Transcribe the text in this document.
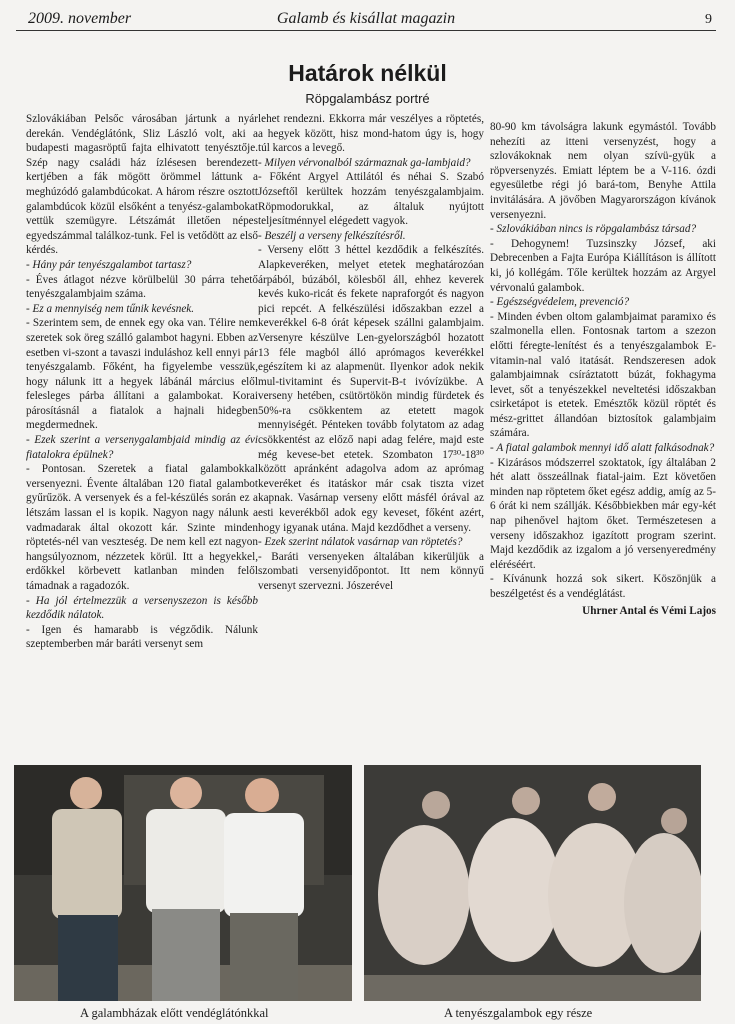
2009. november	Galamb és kisállat magazin	9
Határok nélkül
Röpgalambász portré

Szlovákiában Pelsőc városában jártunk a nyár derekán. Vendéglátónk, Sliz László volt, aki a budapesti magasröptű fajta elhivatott tenyésztője. Szép nagy családi ház ízlésesen berendezett kertjében a fák mögött örömmel láttunk a meghúzódó galambdúcokat. A három részre osztott galambdúcok közül elsőként a tenyész-galambokat vettük szemügyre. Létszámát illetően népes egyedszámmal találkoz-tunk. Fel is vetődött az első kérdés.

- Hány pár tenyészgalambot tartasz?

- Éves átlagot nézve körülbelül 30 párra tehető tenyészgalambjaim száma.

- Ez a mennyiség nem tűnik kevésnek.

- Szerintem sem, de ennek egy oka van. Télire nem szeretek sok öreg szálló galambot hagyni. Ebben az esetben vi-szont a tavaszi induláshoz kell ennyi pár tenyészgalamb. Főként, ha figyelembe vesszük, hogy nálunk itt a hegyek lábánál március elől felesleges párba állítani a galambokat. Korai párosításnál a fiatalok a hajnali hidegben megdermednek.

- Ezek szerint a versenygalambjaid mindig az évi fiatalokra épülnek?

- Pontosan. Szeretek a fiatal galambokkal versenyezni. Évente általában 120 fiatal galambot gyűrűzök. A versenyek és a fel-készülés során ez a létszám lassan el is kopik. Nagyon nagy nálunk a vadmadarak által okozott kár. Szinte minden röptetés-nél van veszteség. De nem kell ezt nagyon hangsúlyoznom, nézzetek körül. Itt a hegyekkel, erdőkkel körbevett katlanban minden felől támadnak a ragadozók.

- Ha jól értelmezzük a versenyszezon is később kezdődik nálatok.

- Igen és hamarabb is végződik. Nálunk szeptemberben már baráti versenyt sem

lehet rendezni. Ekkorra már veszélyes a röptetés, a hegyek között, hisz mond-hatom úgy is, hogy túl karcos a levegő.

- Milyen vérvonalból származnak ga-lambjaid?

- Főként Argyel Attilától és néhai S. Szabó Józseftől kerültek hozzám tenyészgalambjaim. Röpmodorukkal, az általuk nyújtott teljesítménnyel elégedett vagyok.

- Beszélj a verseny felkészítésről.

- Verseny előtt 3 héttel kezdődik a felkészítés. Alapkeveréken, melyet etetek meghatározóan árpából, búzából, kölesből áll, ehhez keverek kevés kuko-ricát és fekete napraforgót és nagyon pici repcét. A felkészülési időszakban ezzel a keverékkel 6-8 órát képesek szállni galambjaim. Versenyre készülve Len-gyelországból hozatott 13 féle magból álló aprómagos keverékkel egészítem ki az alapmenüt. Ilyenkor adok nekik mul-tivitamint és Supervit-B-t ivóvízükbe. A verseny hetében, csütörtökön mindig fürdetek és 50%-ra csökkentem az etetett magok mennyiségét. Pénteken tovább folytatom az adag csökkentést az előző napi adag felére, majd este még kevese-bet etetek. Szombaton 17³⁰-18³⁰ között apránként adagolva adom az aprómag keveréket és itatáskor már csak tiszta vizet kapnak. Vasárnap verseny előtt másfél órával az esti keverékből adok egy keveset, főként azért, hogy igyanak utána. Majd kezdődhet a verseny.

- Ezek szerint nálatok vasárnap van röptetés?

- Baráti versenyeken általában kikerüljük a szombati versenyidőpontot. Itt nem könnyű versenyt szervezni. Jószerével

80-90 km távolságra lakunk egymástól. Tovább nehezíti az itteni versenyzést, hogy a szlovákoknak nem olyan szívü-gyük a röpversenyzés. Emiatt léptem be a V-116. ózdi egyesületbe régi jó bará-tom, Benyhe Attila invitálására. A jövőben Magyarországon kívánok versenyezni.

- Szlovákiában nincs is röpgalambász társad?

- Dehogynem! Tuzsinszky József, aki Debrecenben a Fajta Európa Kiállításon is állított ki, jó kollégám. Tőle kerültek hozzám az Argyel vérvonalú galambok.

- Egészségvédelem, prevenció?

- Minden évben oltom galambjaimat paramixo és szalmonella ellen. Fontosnak tartom a szezon előtti féregte-lenítést és a tenyészgalambok E-vitamin-nal való itatását. Rendszeresen adok galambjaimnak csíráztatott búzát, fokhagyma levet, sőt a tenyészekkel neveltetési időszakban csirketápot is etetek. Emésztők közül röptét és mész-grittet állandóan biztosítok galambjaim számára.

- A fiatal galambok mennyi idő alatt falkásodnak?

- Kizárásos módszerrel szoktatok, így általában 2 hét alatt összeállnak fiatal-jaim. Ezt követően minden nap röptetem őket egész addig, amíg az 5-6 órát ki nem szállják. Későbbiekben már egy-két nap pihenővel hajtom őket. Természetesen a verseny időszakhoz igazított program szerint. Majd kezdődik az izgalom a jó versenyeredmény eléréséért.

- Kívánunk hozzá sok sikert. Köszönjük a beszélgetést és a vendéglátást.

Uhrner Antal és Vémi Lajos

A galambházak előtt vendéglátónkkal	A tenyészgalambok egy része
